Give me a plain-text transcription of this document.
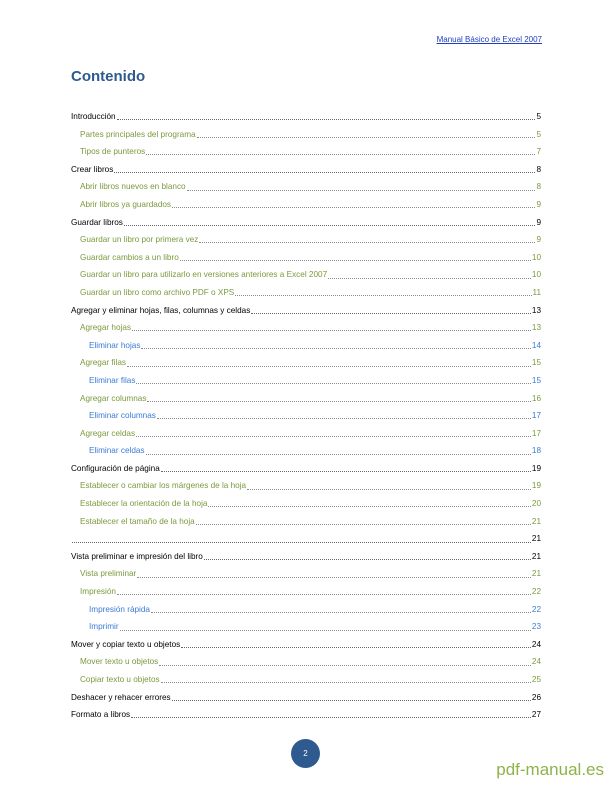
Manual Básico de Excel 2007
Contenido
Introducción	5
Partes principales del programa	5
Tipos de punteros	7
Crear libros	8
Abrir libros nuevos en blanco	8
Abrir libros ya guardados	9
Guardar libros	9
Guardar un libro por primera vez	9
Guardar cambios a un libro	10
Guardar un libro para utilizarlo en versiones anteriores a Excel 2007	10
Guardar un libro como archivo PDF o XPS	11
Agregar y eliminar hojas, filas, columnas y celdas	13
Agregar hojas	13
Eliminar hojas	14
Agregar filas	15
Eliminar filas	15
Agregar columnas	16
Eliminar columnas	17
Agregar celdas	17
Eliminar celdas	18
Configuración de página	19
Establecer o cambiar los márgenes de la hoja	19
Establecer la orientación de la hoja	20
Establecer el tamaño de la hoja	21
21
Vista preliminar e impresión del libro	21
Vista preliminar	21
Impresión	22
Impresión rápida	22
Imprimir	23
Mover y copiar texto u objetos	24
Mover texto u objetos	24
Copiar texto u objetos	25
Deshacer y rehacer errores	26
Formato a libros	27
2
pdf-manual.es
